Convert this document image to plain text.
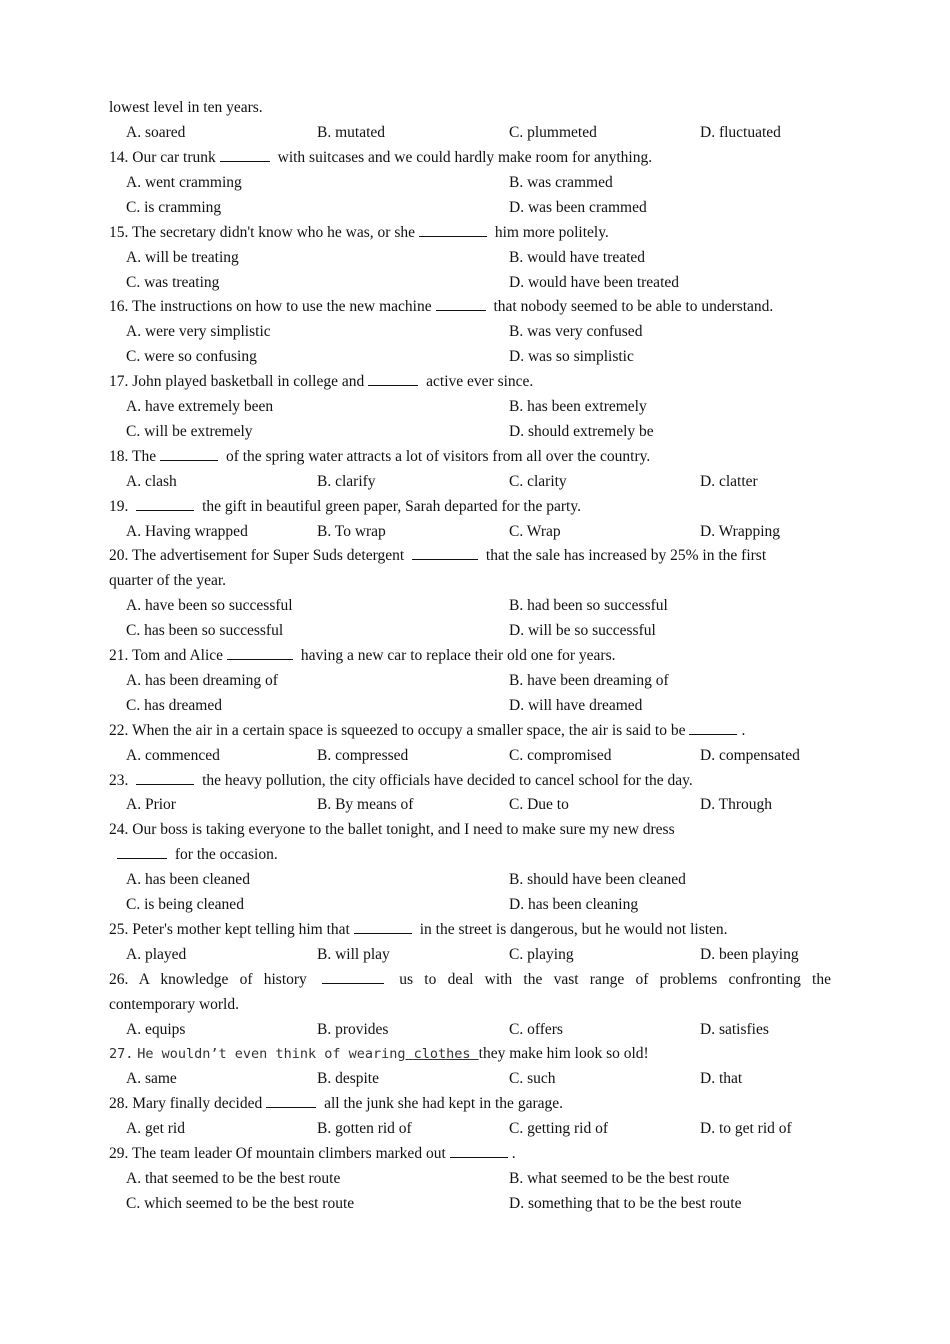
lowest level in ten years.
A. soared	B. mutated	C. plummeted	D. fluctuated
14. Our car trunk	with suitcases and we could hardly make room for anything.
A. went cramming	B. was crammed
C. is cramming	D. was been crammed
15. The secretary didn't know who he was, or she	him more politely.
A. will be treating	B. would have treated
C. was treating	D. would have been treated
16. The instructions on how to use the new machine	that nobody seemed to be able to understand.
A. were very simplistic	B. was very confused
C. were so confusing	D. was so simplistic
17. John played basketball in college and	active ever since.
A. have extremely been	B. has been extremely
C. will be extremely	D. should extremely be
18. The	of the spring water attracts a lot of visitors from all over the country.
A. clash	B. clarify	C. clarity	D. clatter
19.	the gift in beautiful green paper, Sarah departed for the party.
A. Having wrapped	B. To wrap	C. Wrap	D. Wrapping
20. The advertisement for Super Suds detergent	that the sale has increased by 25% in the first
quarter of the year.
A. have been so successful	B. had been so successful
C. has been so successful	D. will be so successful
21. Tom and Alice	having a new car to replace their old one for years.
A. has been dreaming of	B. have been dreaming of
C. has dreamed	D. will have dreamed
22. When the air in a certain space is squeezed to occupy a smaller space, the air is said to be	.
A. commenced	B. compressed	C. compromised	D. compensated
23.	the heavy pollution, the city officials have decided to cancel school for the day.
A. Prior	B. By means of	C. Due to	D. Through
24. Our boss is taking everyone to the ballet tonight, and I need to make sure my new dress
for the occasion.
A. has been cleaned	B. should have been cleaned
C. is being cleaned	D. has been cleaning
25. Peter's mother kept telling him that	in the street is dangerous, but he would not listen.
A. played	B. will play	C. playing	D. been playing
26. A knowledge of history	us to deal with the vast range of problems confronting the
contemporary world.
A. equips	B. provides	C. offers	D. satisfies
27. He wouldn’t even think of wearing clothes they make him look so old!
A. same	B. despite	C. such	D. that
28. Mary finally decided	all the junk she had kept in the garage.
A. get rid	B. gotten rid of	C. getting rid of	D. to get rid of
29. The team leader Of mountain climbers marked out	.
A. that seemed to be the best route	B. what seemed to be the best route
C. which seemed to be the best route	D. something that to be the best route
